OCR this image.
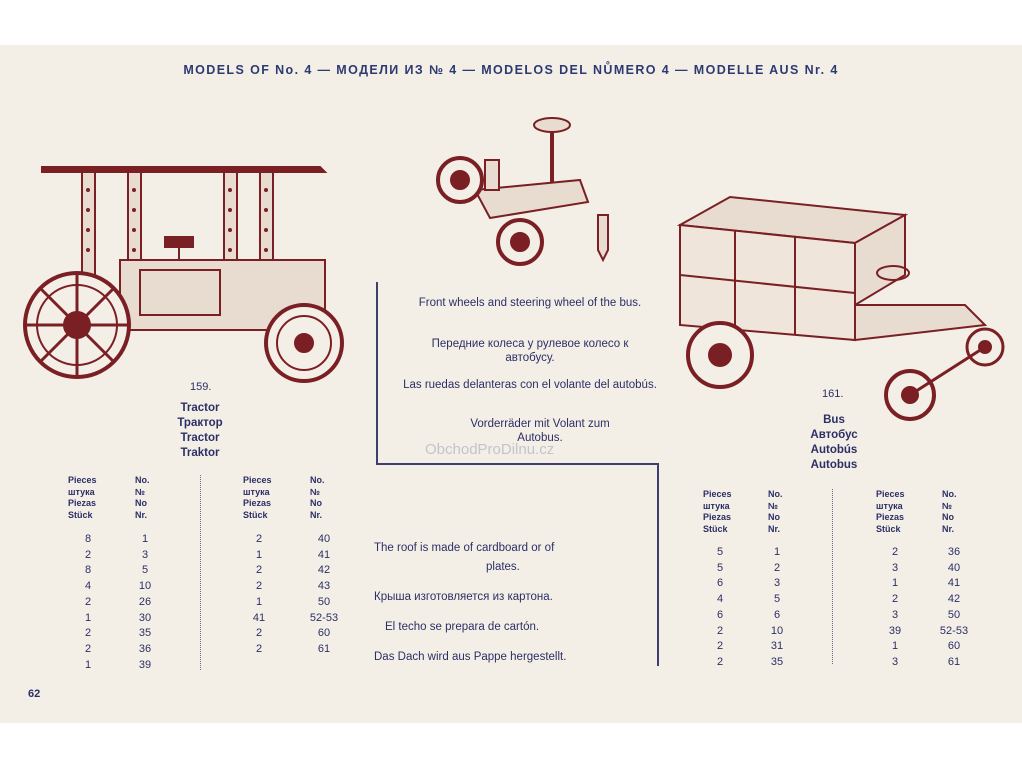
MODELS OF No. 4 — МОДЕЛИ ИЗ № 4 — MODELOS DEL NŮMERO 4 — MODELLE AUS Nr. 4
159.
Tractor
Трактор
Tractor
Traktor
Pieces
штука
Piezas
Stück
No.
№
No
Nr.
8
2
8
4
2
1
2
2
1
1
3
5
10
26
30
35
36
39
Pieces
штука
Piezas
Stück
No.
№
No
Nr.
2
1
2
2
1
41
2
2
40
41
42
43
50
52-53
60
61
Front wheels and steering wheel of the bus.
Передние колеса у рулевое колесо к автобусу.
Las ruedas delanteras con el volante del autobús.
Vorderräder mit Volant zum Autobus.
ObchodProDilnu.cz
The roof is made of cardboard or of
plates.
Крыша изготовляется из картона.
El techo se prepara de cartón.
Das Dach wird aus Pappe hergestellt.
161.
Bus
Автобус
Autobús
Autobus
Pieces
штука
Piezas
Stück
No.
№
No
Nr.
5
5
6
4
6
2
2
2
1
2
3
5
6
10
31
35
Pieces
штука
Piezas
Stück
No.
№
No
Nr.
2
3
1
2
3
39
1
3
36
40
41
42
50
52-53
60
61
62
